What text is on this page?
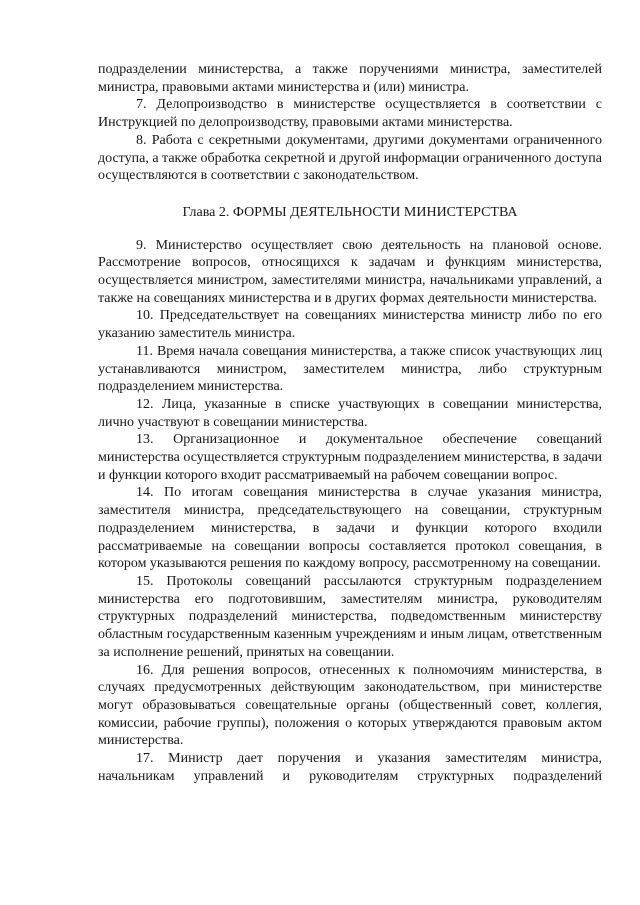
подразделении министерства, а также поручениями министра, заместителей министра, правовыми актами министерства и (или) министра.

7. Делопроизводство в министерстве осуществляется в соответствии с Инструкцией по делопроизводству, правовыми актами министерства.

8. Работа с секретными документами, другими документами ограниченного доступа, а также обработка секретной и другой информации ограниченного доступа осуществляются в соответствии с законодательством.

Глава 2. ФОРМЫ ДЕЯТЕЛЬНОСТИ МИНИСТЕРСТВА

9. Министерство осуществляет свою деятельность на плановой основе. Рассмотрение вопросов, относящихся к задачам и функциям министерства, осуществляется министром, заместителями министра, начальниками управлений, а также на совещаниях министерства и в других формах деятельности министерства.

10. Председательствует на совещаниях министерства министр либо по его указанию заместитель министра.

11. Время начала совещания министерства, а также список участвующих лиц устанавливаются министром, заместителем министра, либо структурным подразделением министерства.

12. Лица, указанные в списке участвующих в совещании министерства, лично участвуют в совещании министерства.

13. Организационное и документальное обеспечение совещаний министерства осуществляется структурным подразделением министерства, в задачи и функции которого входит рассматриваемый на рабочем совещании вопрос.

14. По итогам совещания министерства в случае указания министра, заместителя министра, председательствующего на совещании, структурным подразделением министерства, в задачи и функции которого входили рассматриваемые на совещании вопросы составляется протокол совещания, в котором указываются решения по каждому вопросу, рассмотренному на совещании.

15. Протоколы совещаний рассылаются структурным подразделением министерства его подготовившим, заместителям министра, руководителям структурных подразделений министерства, подведомственным министерству областным государственным казенным учреждениям и иным лицам, ответственным за исполнение решений, принятых на совещании.

16. Для решения вопросов, отнесенных к полномочиям министерства, в случаях предусмотренных действующим законодательством, при министерстве могут образовываться совещательные органы (общественный совет, коллегия, комиссии, рабочие группы), положения о которых утверждаются правовым актом министерства.

17. Министр дает поручения и указания заместителям министра, начальникам управлений и руководителям структурных подразделений
